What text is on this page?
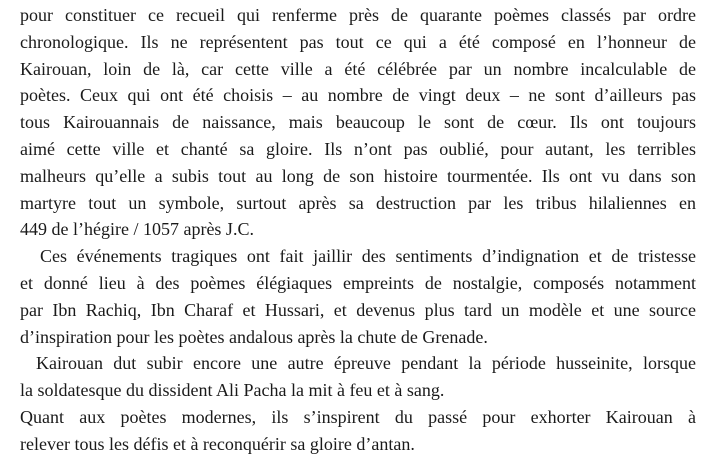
pour constituer ce recueil qui renferme près de quarante poèmes classés par ordre
chronologique. Ils ne représentent pas tout ce qui a été composé en l’honneur de
Kairouan, loin de là, car cette ville a été célébrée par un nombre incalculable de
poètes. Ceux qui ont été choisis – au nombre de vingt deux – ne sont d’ailleurs pas
tous Kairouannais de naissance, mais beaucoup le sont de cœur. Ils ont toujours
aimé cette ville et chanté sa gloire. Ils n’ont pas oublié, pour autant, les terribles
malheurs qu’elle a subis tout au long de son histoire tourmentée. Ils ont vu dans son
martyre tout un symbole, surtout après sa destruction par les tribus hilaliennes en
449 de l’hégire / 1057 après J.C.
Ces événements tragiques ont fait jaillir des sentiments d’indignation et de tristesse
et donné lieu à des poèmes élégiaques empreints de nostalgie, composés notamment
par Ibn Rachiq, Ibn Charaf et Hussari, et devenus plus tard un modèle et une source
d’inspiration pour les poètes andalous après la chute de Grenade.
Kairouan dut subir encore une autre épreuve pendant la période husseinite, lorsque
la soldatesque du dissident Ali Pacha la mit à feu et à sang.
Quant aux poètes modernes, ils s’inspirent du passé pour exhorter Kairouan à
relever tous les défis et à reconquérir sa gloire d’antan.
